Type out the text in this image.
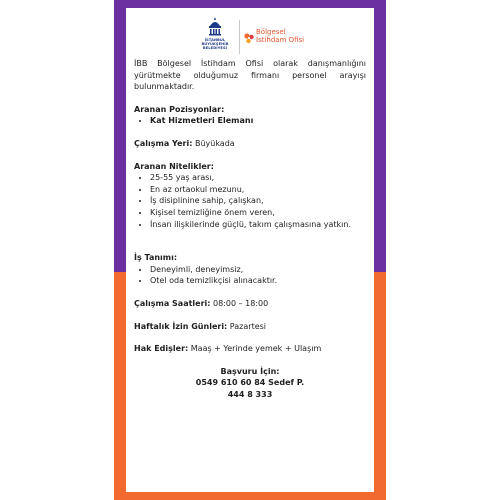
İSTANBUL BÜYÜKŞEHİR BELEDİYESİ
Bölgesel
İstihdam Ofisi

İBB Bölgesel İstihdam Ofisi olarak danışmanlığını yürütmekte olduğumuz firmanı personel arayışı bulunmaktadır.

Aranan Pozisyonlar:

• Kat Hizmetleri Elemanı

Çalışma Yeri: Büyükada

Aranan Nitelikler:

• 25-55 yaş arası,
• En az ortaokul mezunu,
• İş disiplinine sahip, çalışkan,
• Kişisel temizliğine önem veren,
• İnsan ilişkilerinde güçlü, takım çalışmasına yatkın.

İş Tanımı:

• Deneyimli, deneyimsiz,
• Otel oda temizlikçisi alınacaktır.

Çalışma Saatleri: 08:00 – 18:00

Haftalık İzin Günleri: Pazartesi

Hak Edişler: Maaş + Yerinde yemek + Ulaşım

Başvuru İçin:

0549 610 60 84 Sedef P.

444 8 333
